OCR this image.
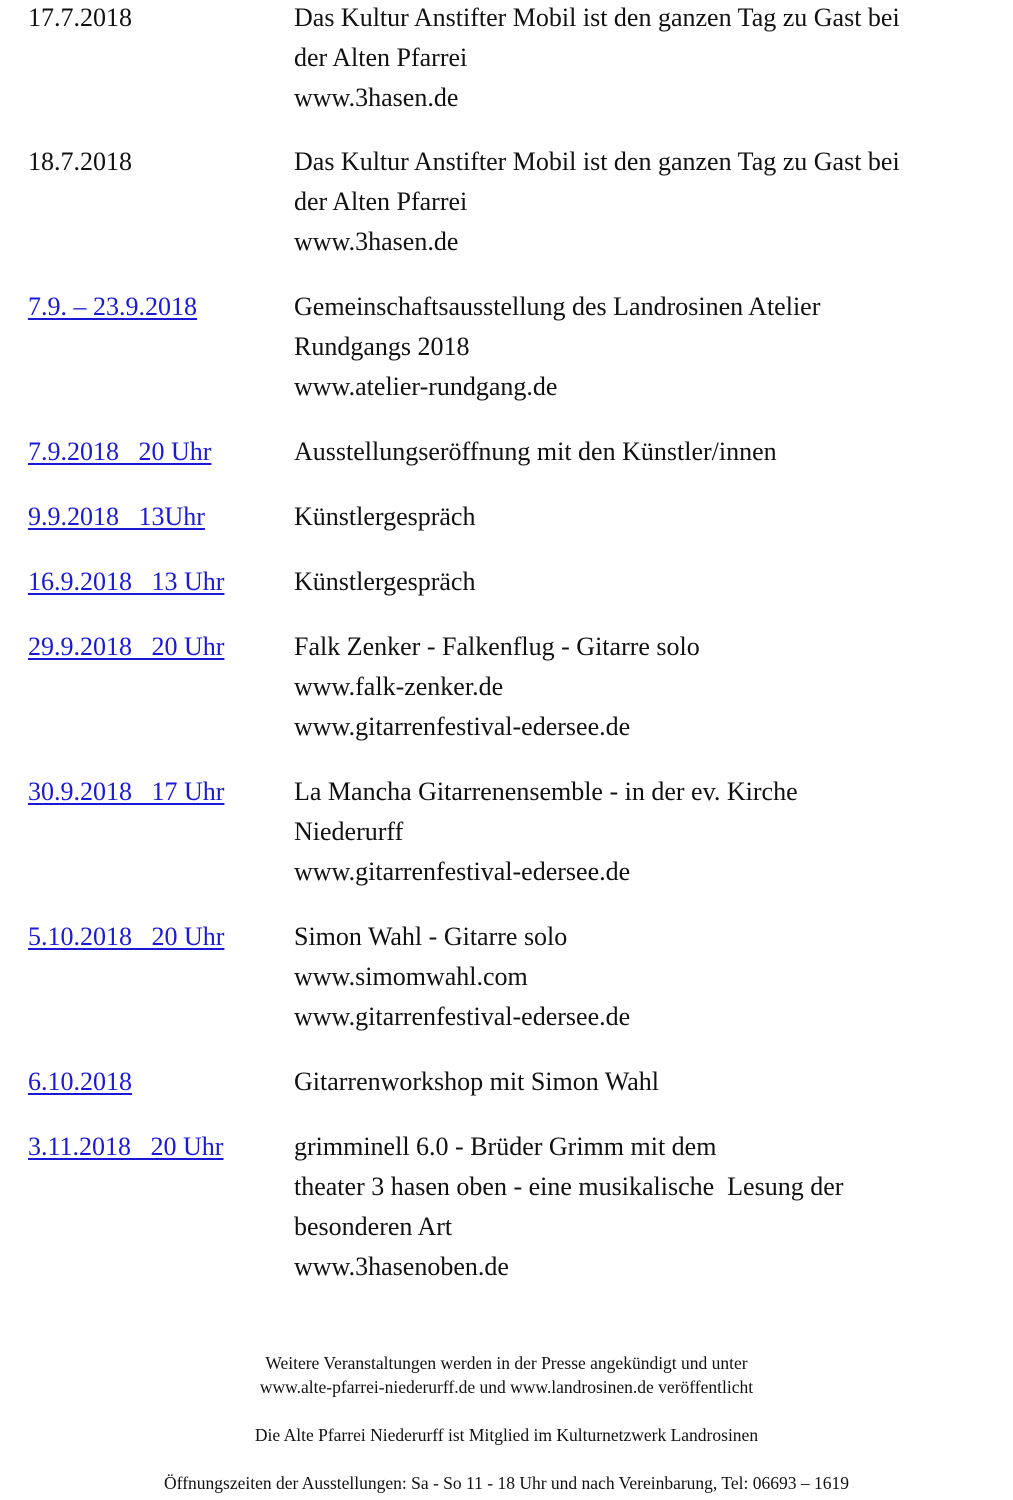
17.7.2018	Das Kultur Anstifter Mobil ist den ganzen Tag zu Gast bei
der Alten Pfarrei
www.3hasen.de
18.7.2018	Das Kultur Anstifter Mobil ist den ganzen Tag zu Gast bei
der Alten Pfarrei
www.3hasen.de
7.9. – 23.9.2018	Gemeinschaftsausstellung des Landrosinen Atelier
Rundgangs 2018
www.atelier-rundgang.de
7.9.2018   20 Uhr	Ausstellungseröffnung mit den Künstler/innen
9.9.2018   13Uhr	Künstlergespräch
16.9.2018   13 Uhr	Künstlergespräch
29.9.2018   20 Uhr	Falk Zenker - Falkenflug - Gitarre solo
www.falk-zenker.de
www.gitarrenfestival-edersee.de
30.9.2018   17 Uhr	La Mancha Gitarrenensemble - in der ev. Kirche
Niederurff
www.gitarrenfestival-edersee.de
5.10.2018   20 Uhr	Simon Wahl - Gitarre solo
www.simomwahl.com
www.gitarrenfestival-edersee.de
6.10.2018	Gitarrenworkshop mit Simon Wahl
3.11.2018   20 Uhr	grimminell 6.0 - Brüder Grimm mit dem
theater 3 hasen oben - eine musikalische  Lesung der
besonderen Art
www.3hasenoben.de
Weitere Veranstaltungen werden in der Presse angekündigt und unter
www.alte-pfarrei-niederurff.de und www.landrosinen.de veröffentlicht
Die Alte Pfarrei Niederurff ist Mitglied im Kulturnetzwerk Landrosinen
Öffnungszeiten der Ausstellungen: Sa - So 11 - 18 Uhr und nach Vereinbarung, Tel: 06693 – 1619
